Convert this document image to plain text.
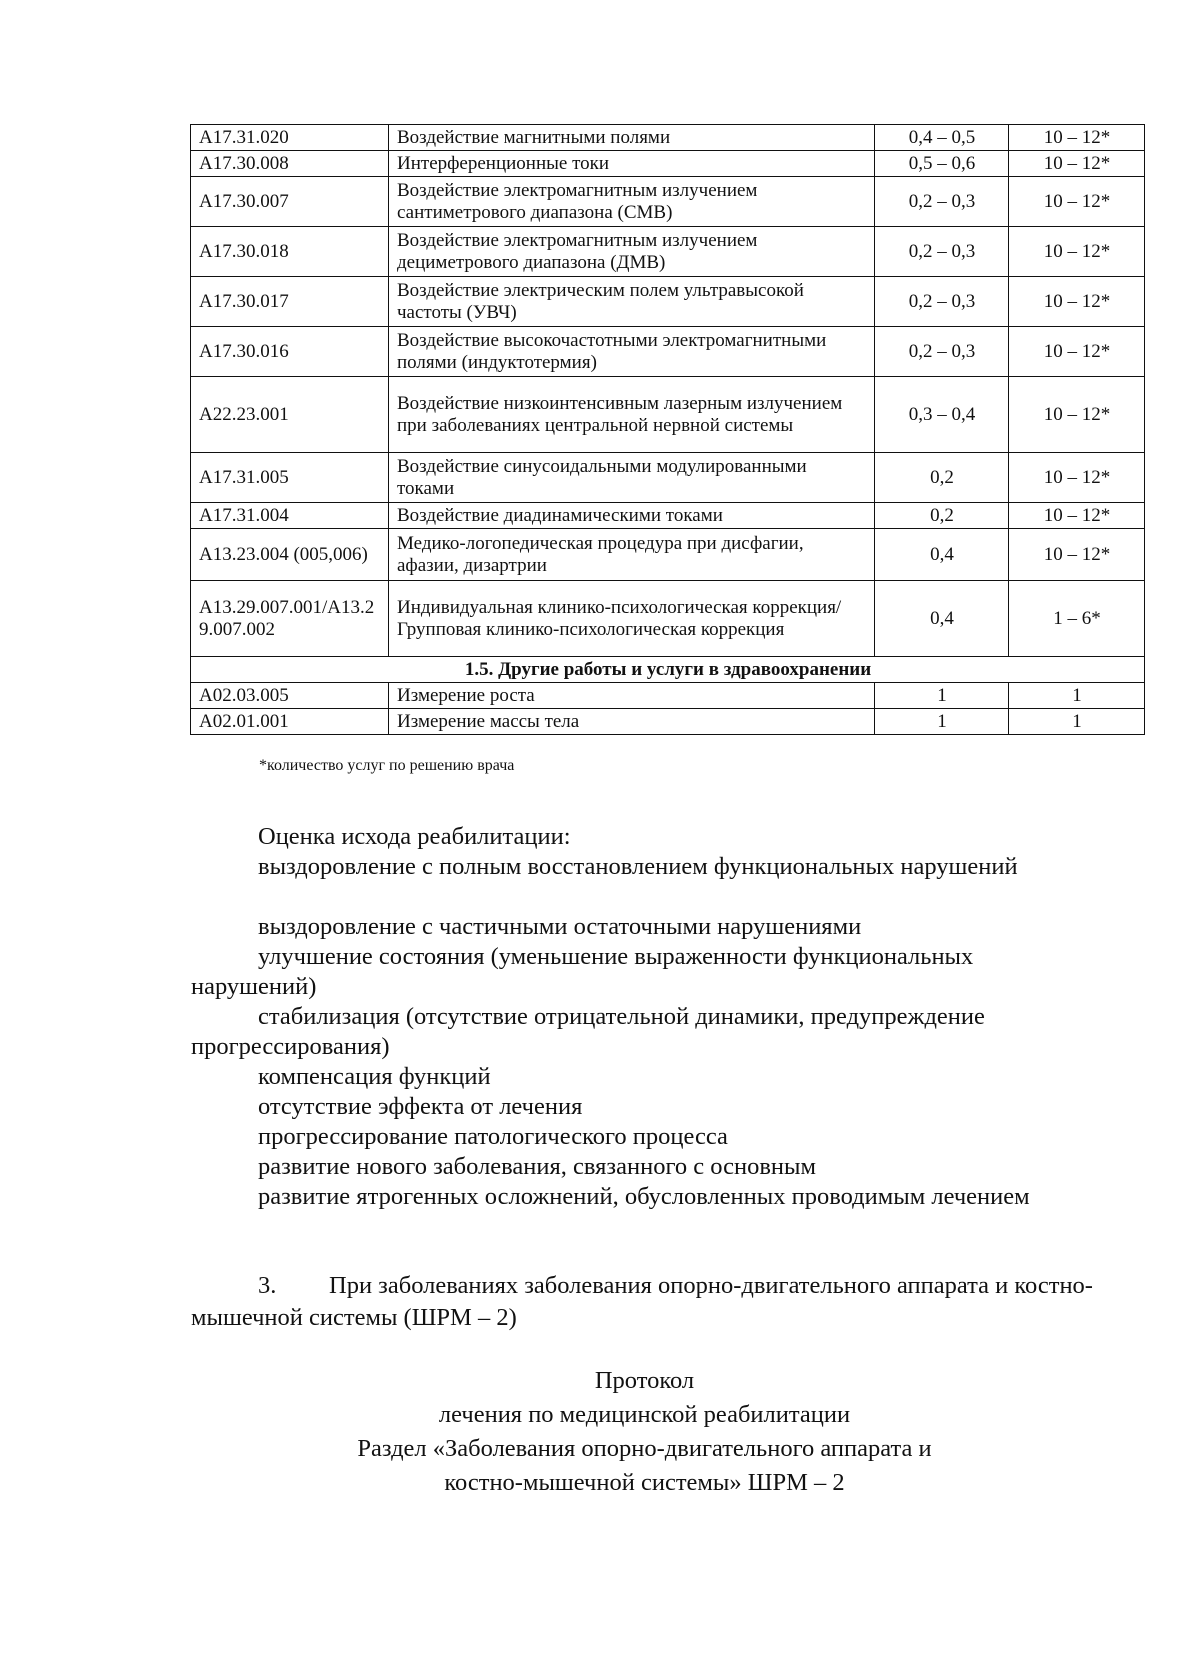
А17.31.020	Воздействие магнитными полями	0,4 – 0,5	10 – 12*
А17.30.008	Интерференционные токи	0,5 – 0,6	10 – 12*
А17.30.007	Воздействие электромагнитным излучением сантиметрового диапазона (СМВ)	0,2 – 0,3	10 – 12*
А17.30.018	Воздействие электромагнитным излучением дециметрового диапазона (ДМВ)	0,2 – 0,3	10 – 12*
А17.30.017	Воздействие электрическим полем ультравысокой частоты (УВЧ)	0,2 – 0,3	10 – 12*
А17.30.016	Воздействие высокочастотными электромагнитными полями (индуктотермия)	0,2 – 0,3	10 – 12*
А22.23.001	Воздействие низкоинтенсивным лазерным излучением при заболеваниях центральной нервной системы	0,3 – 0,4	10 – 12*
А17.31.005	Воздействие синусоидальными модулированными токами	0,2	10 – 12*
А17.31.004	Воздействие диадинамическими токами	0,2	10 – 12*
А13.23.004 (005,006)	Медико-логопедическая процедура при дисфагии, афазии, дизартрии	0,4	10 – 12*
А13.29.007.001/А13.29.007.002	Индивидуальная клинико-психологическая коррекция/Групповая клинико-психологическая коррекция	0,4	1 – 6*
1.5. Другие работы и услуги в здравоохранении			
А02.03.005	Измерение роста	1	1
А02.01.001	Измерение массы тела	1	1
*количество услуг по решению врача
Оценка исхода реабилитации:
выздоровление с полным восстановлением функциональных нарушений
выздоровление с частичными остаточными нарушениями
улучшение состояния (уменьшение выраженности функциональных нарушений)
стабилизация (отсутствие отрицательной динамики, предупреждение прогрессирования)
компенсация функций
отсутствие эффекта от лечения
прогрессирование патологического процесса
развитие нового заболевания, связанного с основным
развитие ятрогенных осложнений, обусловленных проводимым лечением
3. При заболеваниях заболевания опорно-двигательного аппарата и костно-мышечной системы (ШРМ – 2)
Протокол
лечения по медицинской реабилитации
Раздел «Заболевания опорно-двигательного аппарата и
костно-мышечной системы» ШРМ – 2
